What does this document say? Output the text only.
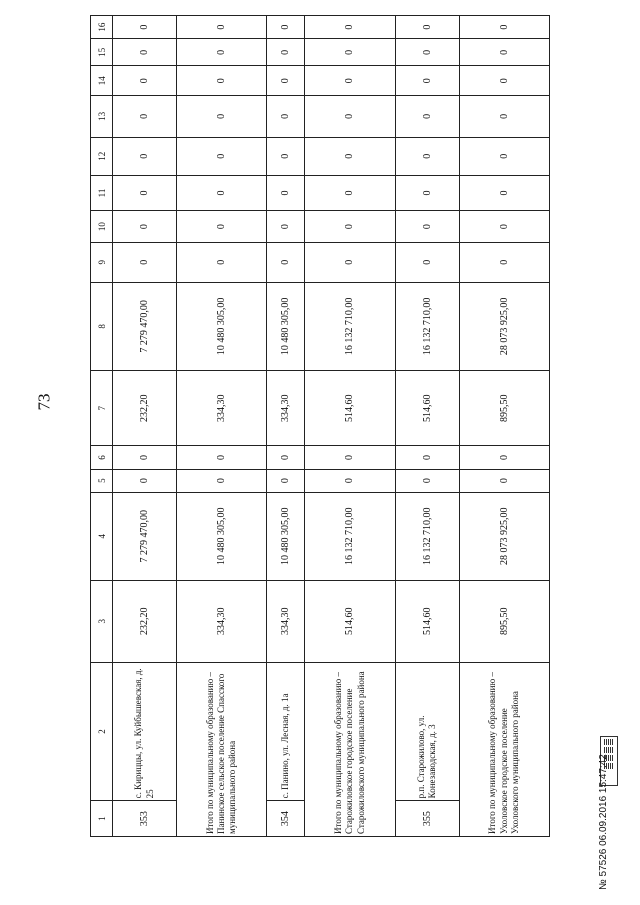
73
1	2	3	4	5	6	7	8	9	10	11	12	13	14	15	16
353	с. Кириццы, ул. Куйбышевская, д. 25	232,20	7 279 470,00	0	0	232,20	7 279 470,00	0	0	0	0	0	0	0	0
Итого по муниципальному образованию – Панинское сельское поселение Спасского муниципального района		334,30	10 480 305,00	0	0	334,30	10 480 305,00	0	0	0	0	0	0	0	0
354	с. Панино, ул. Лесная, д. 1а	334,30	10 480 305,00	0	0	334,30	10 480 305,00	0	0	0	0	0	0	0	0
Итого по муниципальному образованию – Старожиловское городское поселение Старожиловского муниципального района		514,60	16 132 710,00	0	0	514,60	16 132 710,00	0	0	0	0	0	0	0	0
355	р.п. Старожилово, ул. Конезаводская, д. 3	514,60	16 132 710,00	0	0	514,60	16 132 710,00	0	0	0	0	0	0	0	0
Итого по муниципальному образованию – Ухоловское городское поселение Ухоловского муниципального района		895,50	28 073 925,00	0	0	895,50	28 073 925,00	0	0	0	0	0	0	0	0
№ 57526 06.09.2016 15:47:42
